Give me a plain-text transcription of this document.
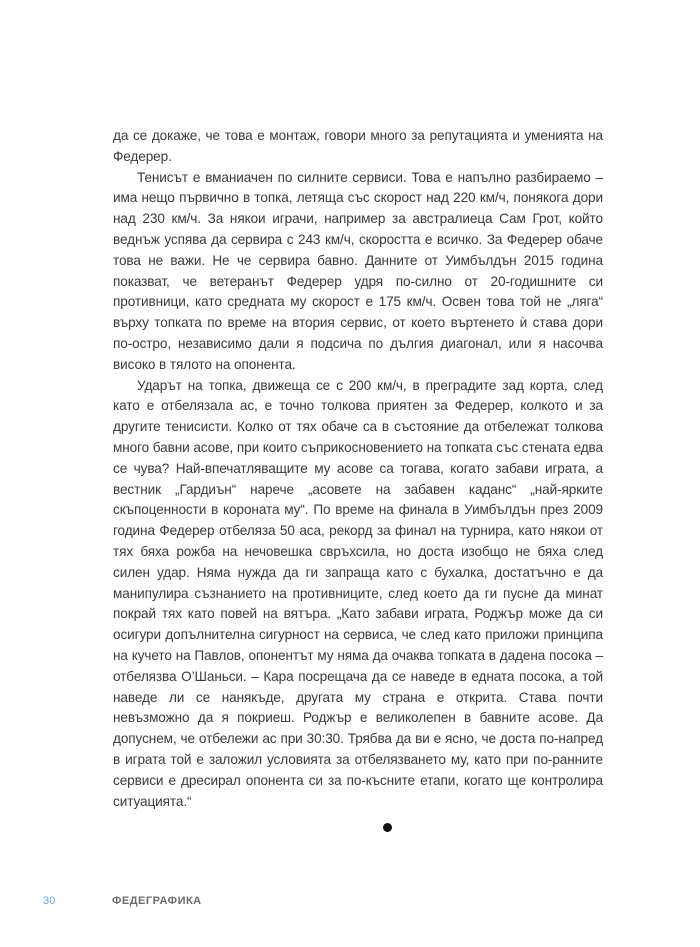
да се докаже, че това е монтаж, говори много за репутацията и уменията на Федерер.

Тенисът е вманиачен по силните сервиси. Това е напълно разбираемо – има нещо първично в топка, летяща със скорост над 220 км/ч, понякога дори над 230 км/ч. За някои играчи, например за австралиеца Сам Грот, който веднъж успява да сервира с 243 км/ч, скоростта е всичко. За Федерер обаче това не важи. Не че сервира бавно. Данните от Уимбълдън 2015 година показват, че ветеранът Федерер удря по-силно от 20-годишните си противници, като средната му скорост е 175 км/ч. Освен това той не „ляга“ върху топката по време на втория сервис, от което въртенето ѝ става дори по-остро, независимо дали я подсича по дългия диагонал, или я насочва високо в тялото на опонента.

Ударът на топка, движеща се с 200 км/ч, в преградите зад корта, след като е отбелязала ас, е точно толкова приятен за Федерер, колкото и за другите тенисисти. Колко от тях обаче са в състояние да отбележат толкова много бавни асове, при които съприкосновението на топката със стената едва се чува? Най-впечатляващите му асове са тогава, когато забави играта, а вестник „Гардиън“ нарече „асовете на забавен каданс“ „най-ярките скъпоценности в короната му“. По време на финала в Уимбълдън през 2009 година Федерер отбеляза 50 аса, рекорд за финал на турнира, като някои от тях бяха рожба на нечовешка свръхсила, но доста изобщо не бяха след силен удар. Няма нужда да ги запраща като с бухалка, достатъчно е да манипулира съзнанието на противниците, след което да ги пусне да минат покрай тях като повей на вятъра. „Като забави играта, Роджър може да си осигури допълнителна сигурност на сервиса, че след като приложи принципа на кучето на Павлов, опонентът му няма да очаква топката в дадена посока – отбелязва О’Шаньси. – Кара посрещача да се наведе в едната посока, а той наведе ли се нанякъде, другата му страна е открита. Става почти невъзможно да я покриеш. Роджър е великолепен в бавните асове. Да допуснем, че отбележи ас при 30:30. Трябва да ви е ясно, че доста по-напред в играта той е заложил условията за отбелязването му, като при по-ранните сервиси е дресирал опонента си за по-късните етапи, когато ще контролира ситуацията.“

30	ФЕДЕГРАФИКА
